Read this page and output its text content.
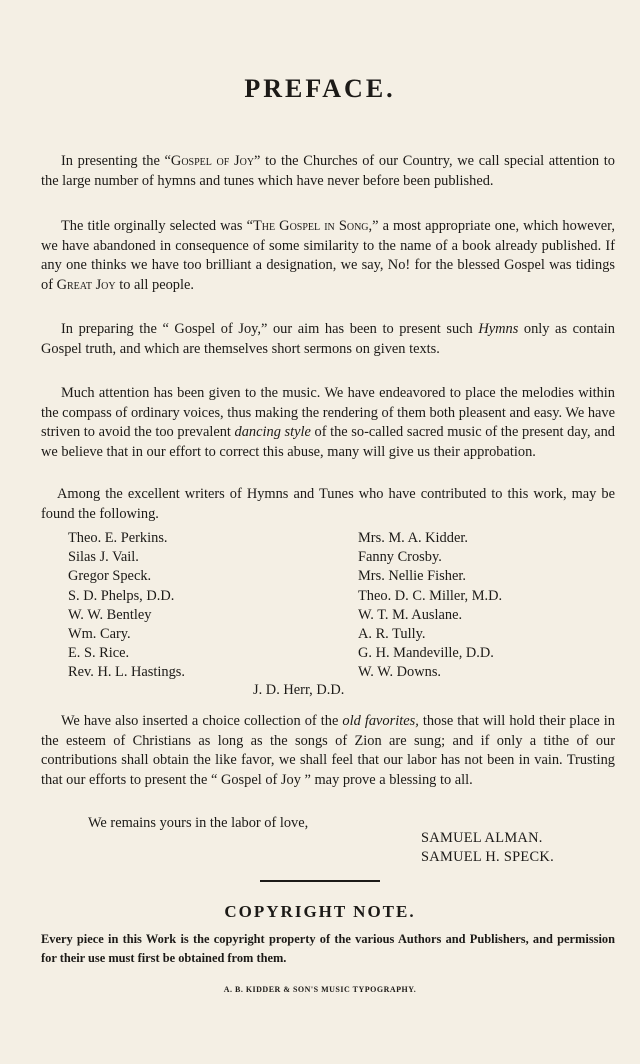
PREFACE.

In presenting the “Gospel of Joy” to the Churches of our Country, we call special attention to the large number of hymns and tunes which have never before been published.

The title orginally selected was “The Gospel in Song,” a most appropriate one, which however, we have abandoned in consequence of some similarity to the name of a book already published. If any one thinks we have too brilliant a designation, we say, No! for the blessed Gospel was tidings of Great Joy to all people.

In preparing the “ Gospel of Joy,” our aim has been to present such Hymns only as contain Gospel truth, and which are themselves short sermons on given texts.

Much attention has been given to the music. We have endeavored to place the melodies within the compass of ordinary voices, thus making the rendering of them both pleasent and easy. We have striven to avoid the too prevalent dancing style of the so-called sacred music of the present day, and we believe that in our effort to correct this abuse, many will give us their approbation.

Among the excellent writers of Hymns and Tunes who have contributed to this work, may be found the following.

Theo. E. Perkins.
Silas J. Vail.
Gregor Speck.
S. D. Phelps, D.D.
W. W. Bentley
Wm. Cary.
E. S. Rice.
Rev. H. L. Hastings.
Mrs. M. A. Kidder.
Fanny Crosby.
Mrs. Nellie Fisher.
Theo. D. C. Miller, M.D.
W. T. M. Auslane.
A. R. Tully.
G. H. Mandeville, D.D.
W. W. Downs.
J. D. Herr, D.D.

We have also inserted a choice collection of the old favorites, those that will hold their place in the esteem of Christians as long as the songs of Zion are sung; and if only a tithe of our contributions shall obtain the like favor, we shall feel that our labor has not been in vain. Trusting that our efforts to present the “ Gospel of Joy ” may prove a blessing to all.

We remains yours in the labor of love,
SAMUEL ALMAN.
SAMUEL H. SPECK.
COPYRIGHT NOTE.
Every piece in this Work is the copyright property of the various Authors and Publishers, and permission for their use must first be obtained from them.
A. B. KIDDER & SON'S MUSIC TYPOGRAPHY.
